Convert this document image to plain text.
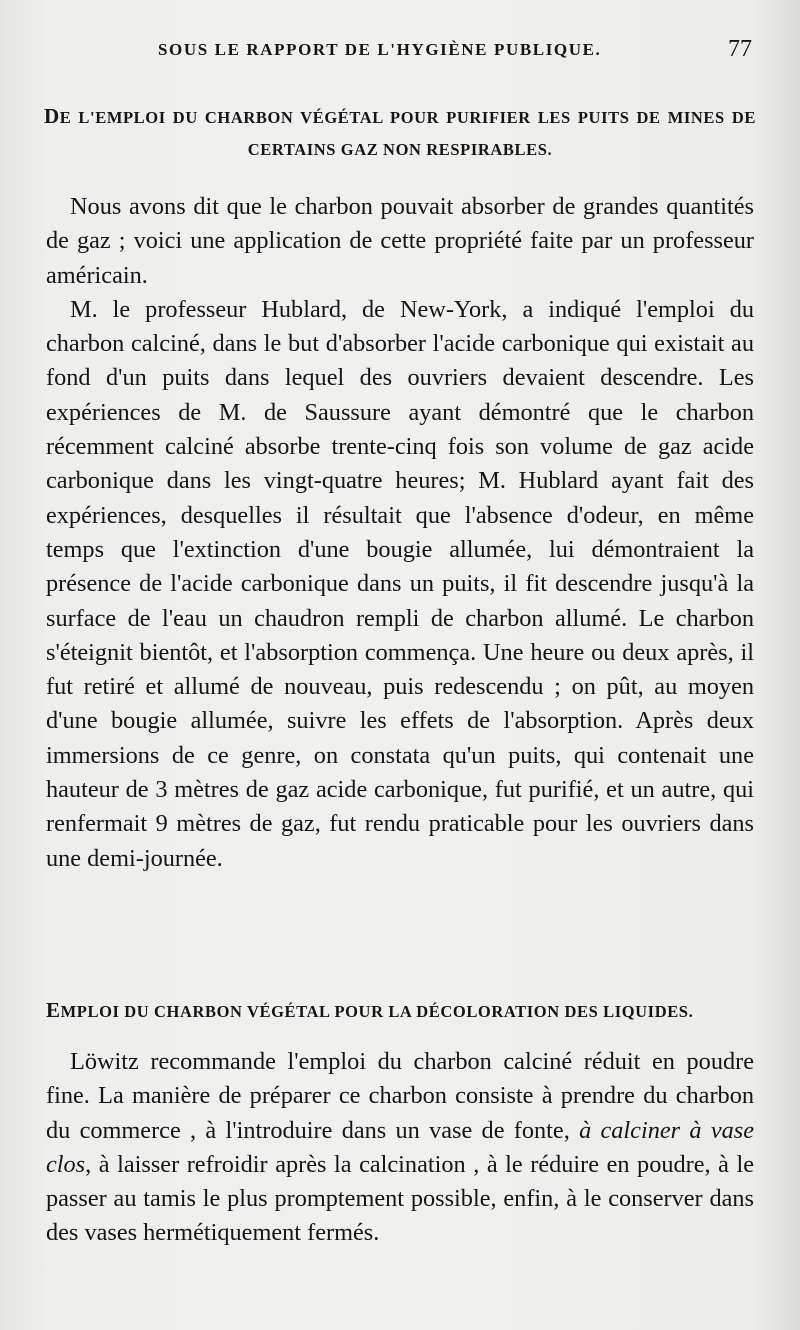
SOUS LE RAPPORT DE L'HYGIÈNE PUBLIQUE.	77
DE L'EMPLOI DU CHARBON VÉGÉTAL POUR PURIFIER LES PUITS DE MINES DE CERTAINS GAZ NON RESPIRABLES.

Nous avons dit que le charbon pouvait absorber de grandes quantités de gaz ; voici une application de cette propriété faite par un professeur américain.

M. le professeur Hublard, de New-York, a indiqué l'emploi du charbon calciné, dans le but d'absorber l'acide carbonique qui existait au fond d'un puits dans lequel des ouvriers devaient descendre. Les expériences de M. de Saussure ayant démontré que le charbon récemment calciné absorbe trente-cinq fois son volume de gaz acide carbonique dans les vingt-quatre heures; M. Hublard ayant fait des expériences, desquelles il résultait que l'absence d'odeur, en même temps que l'extinction d'une bougie allumée, lui démontraient la présence de l'acide carbonique dans un puits, il fit descendre jusqu'à la surface de l'eau un chaudron rempli de charbon allumé. Le charbon s'éteignit bientôt, et l'absorption commença. Une heure ou deux après, il fut retiré et allumé de nouveau, puis redescendu ; on pût, au moyen d'une bougie allumée, suivre les effets de l'absorption. Après deux immersions de ce genre, on constata qu'un puits, qui contenait une hauteur de 3 mètres de gaz acide carbonique, fut purifié, et un autre, qui renfermait 9 mètres de gaz, fut rendu praticable pour les ouvriers dans une demi-journée.

EMPLOI DU CHARBON VÉGÉTAL POUR LA DÉCOLORATION DES LIQUIDES.

Löwitz recommande l'emploi du charbon calciné réduit en poudre fine. La manière de préparer ce charbon consiste à prendre du charbon du commerce , à l'introduire dans un vase de fonte, à calciner à vase clos, à laisser refroidir après la calcination , à le réduire en poudre, à le passer au tamis le plus promptement possible, enfin, à le conserver dans des vases hermétiquement fermés.
